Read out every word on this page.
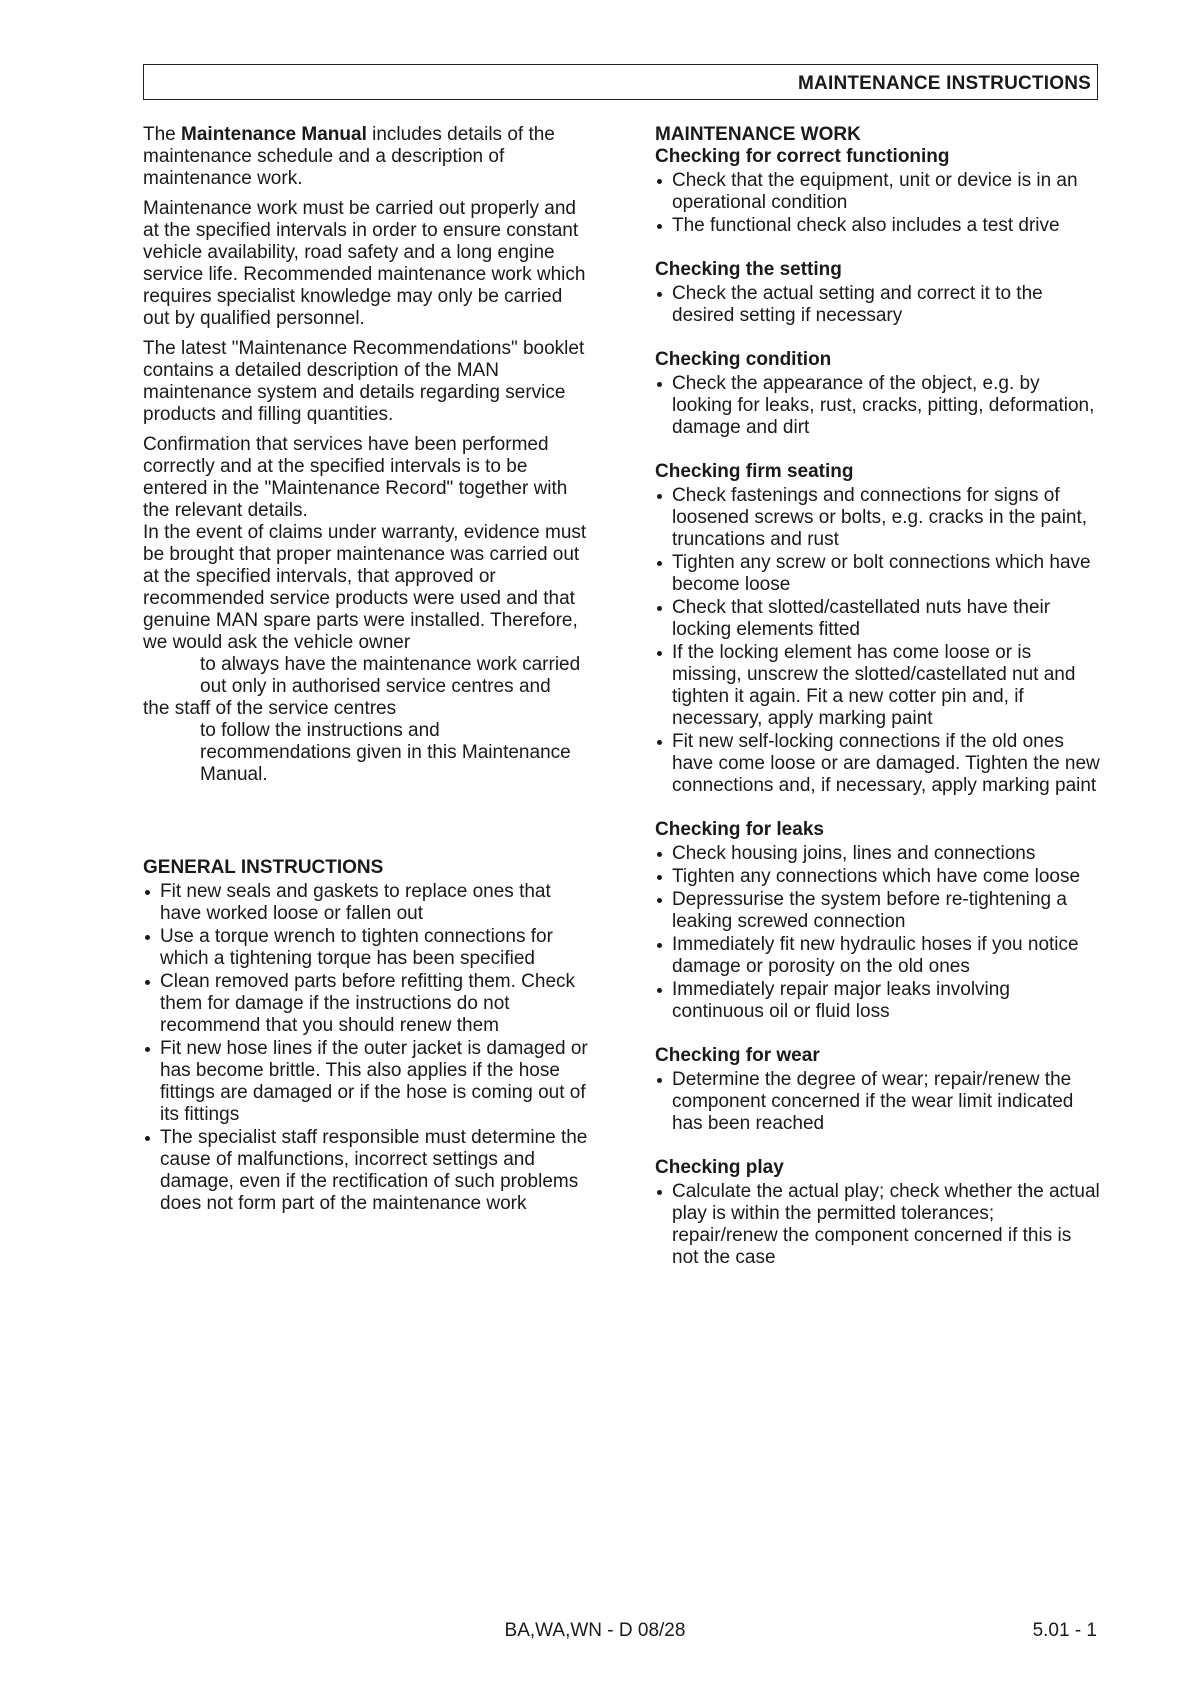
MAINTENANCE INSTRUCTIONS

The Maintenance Manual includes details of the maintenance schedule and a description of maintenance work.

Maintenance work must be carried out properly and at the specified intervals in order to ensure constant vehicle availability, road safety and a long engine service life. Recommended maintenance work which requires specialist knowledge may only be carried out by qualified personnel.

The latest "Maintenance Recommendations" booklet contains a detailed description of the MAN maintenance system and details regarding service products and filling quantities.

Confirmation that services have been performed correctly and at the specified intervals is to be entered in the "Maintenance Record" together with the relevant details.

In the event of claims under warranty, evidence must be brought that proper maintenance was carried out at the specified intervals, that approved or recommended service products were used and that genuine MAN spare parts were installed. Therefore, we would ask the vehicle owner

to always have the maintenance work carried out only in authorised service centres and

the staff of the service centres

to follow the instructions and recommendations given in this Maintenance Manual.

GENERAL INSTRUCTIONS
Fit new seals and gaskets to replace ones that have worked loose or fallen out
Use a torque wrench to tighten connections for which a tightening torque has been specified
Clean removed parts before refitting them. Check them for damage if the instructions do not recommend that you should renew them
Fit new hose lines if the outer jacket is damaged or has become brittle. This also applies if the hose fittings are damaged or if the hose is coming out of its fittings
The specialist staff responsible must determine the cause of malfunctions, incorrect settings and damage, even if the rectification of such problems does not form part of the maintenance work
MAINTENANCE WORK
Checking for correct functioning
Check that the equipment, unit or device is in an operational condition
The functional check also includes a test drive
Checking the setting
Check the actual setting and correct it to the desired setting if necessary
Checking condition
Check the appearance of the object, e.g. by looking for leaks, rust, cracks, pitting, deformation, damage and dirt
Checking firm seating
Check fastenings and connections for signs of loosened screws or bolts, e.g. cracks in the paint, truncations and rust
Tighten any screw or bolt connections which have become loose
Check that slotted/castellated nuts have their locking elements fitted
If the locking element has come loose or is missing, unscrew the slotted/castellated nut and tighten it again. Fit a new cotter pin and, if necessary, apply marking paint
Fit new self-locking connections if the old ones have come loose or are damaged. Tighten the new connections and, if necessary, apply marking paint
Checking for leaks
Check housing joins, lines and connections
Tighten any connections which have come loose
Depressurise the system before re-tightening a leaking screwed connection
Immediately fit new hydraulic hoses if you notice damage or porosity on the old ones
Immediately repair major leaks involving continuous oil or fluid loss
Checking for wear
Determine the degree of wear; repair/renew the component concerned if the wear limit indicated has been reached
Checking play
Calculate the actual play; check whether the actual play is within the permitted tolerances; repair/renew the component concerned if this is not the case
BA,WA,WN - D 08/28	5.01 - 1
